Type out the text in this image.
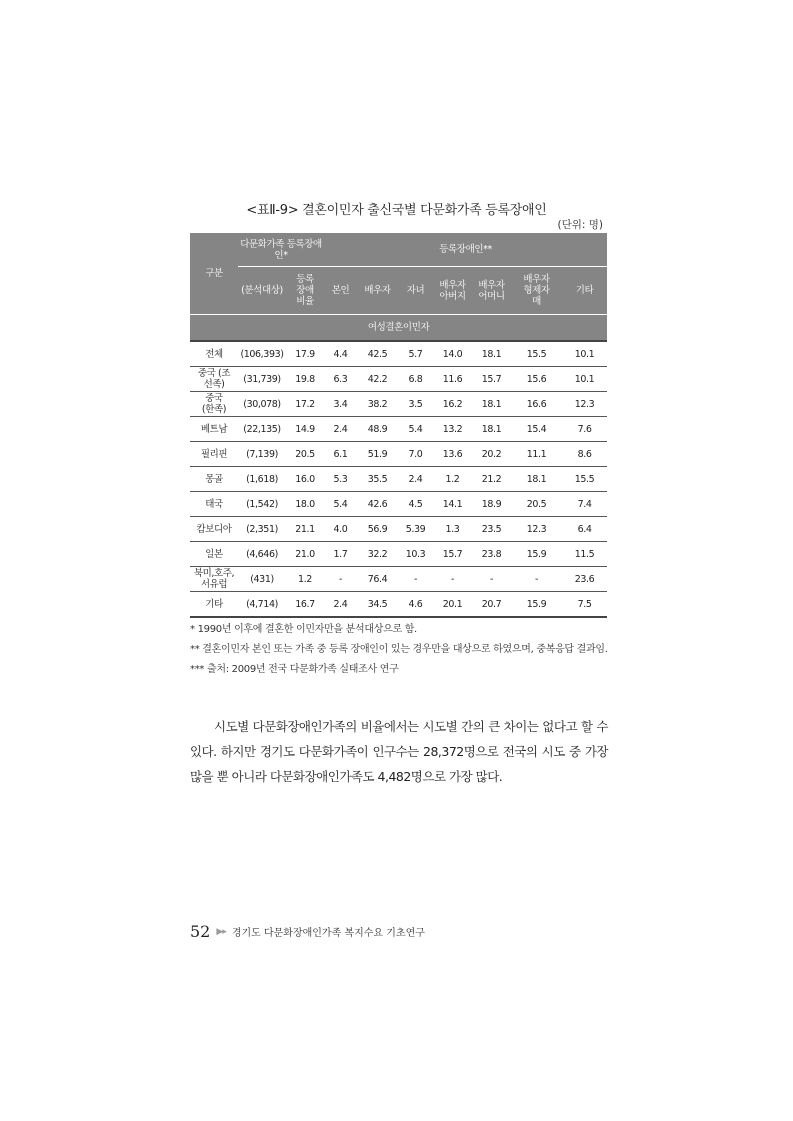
<표Ⅱ-9> 결혼이민자 출신국별 다문화가족 등록장애인
(단위: 명)
구분	다문화가족 등록장애인*		등록장애인**						
	(분석대상)	등록 장애 비율	본인	배우자	자녀	배우자 아버지	배우자 어머니	배우자 형제자매	기타
여성결혼이민자									
전체	(106,393)	17.9	4.4	42.5	5.7	14.0	18.1	15.5	10.1
중국 (조선족)	(31,739)	19.8	6.3	42.2	6.8	11.6	15.7	15.6	10.1
중국 (한족)	(30,078)	17.2	3.4	38.2	3.5	16.2	18.1	16.6	12.3
베트남	(22,135)	14.9	2.4	48.9	5.4	13.2	18.1	15.4	7.6
필리핀	(7,139)	20.5	6.1	51.9	7.0	13.6	20.2	11.1	8.6
몽골	(1,618)	16.0	5.3	35.5	2.4	1.2	21.2	18.1	15.5
태국	(1,542)	18.0	5.4	42.6	4.5	14.1	18.9	20.5	7.4
캄보디아	(2,351)	21.1	4.0	56.9	5.39	1.3	23.5	12.3	6.4
일본	(4,646)	21.0	1.7	32.2	10.3	15.7	23.8	15.9	11.5
북미,호주, 서유럽	(431)	1.2	-	76.4	-	-	-	-	23.6
기타	(4,714)	16.7	2.4	34.5	4.6	20.1	20.7	15.9	7.5

* 1990년 이후에 결혼한 이민자만을 분석대상으로 함.

** 결혼이민자 본인 또는 가족 중 등록 장애인이 있는 경우만을 대상으로 하였으며, 중복응답 결과임.

*** 출처: 2009년 전국 다문화가족 실태조사 연구

시도별 다문화장애인가족의 비율에서는 시도별 간의 큰 차이는 없다고 할 수 있다. 하지만 경기도 다문화가족이 인구수는 28,372명으로 전국의 시도 중 가장 많을 뿐 아니라 다문화장애인가족도 4,482명으로 가장 많다.

52 ▶▸ 경기도 다문화장애인가족 복지수요 기초연구
